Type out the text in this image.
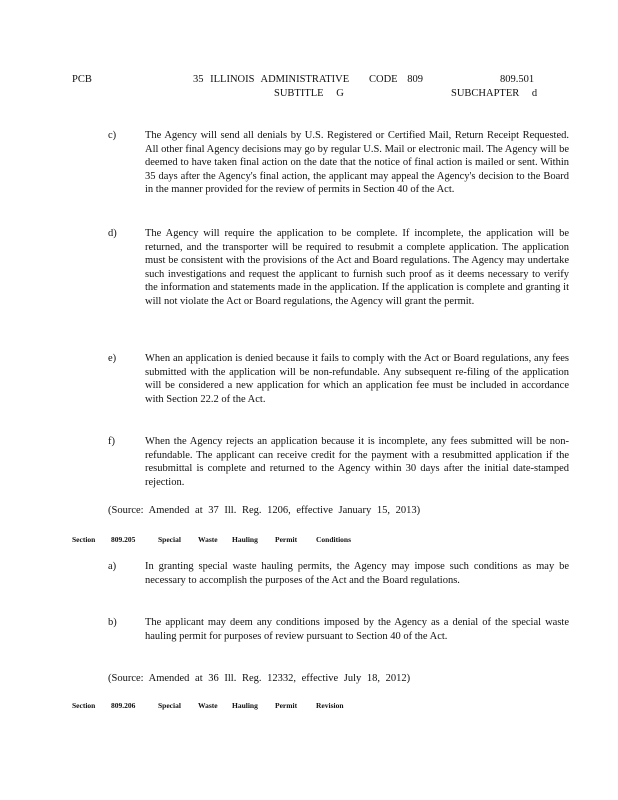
PCB	35 ILLINOIS ADMINISTRATIVE CODE 809	809.501
SUBTITLE G	SUBCHAPTER d
c)	The Agency will send all denials by U.S. Registered or Certified Mail, Return Receipt Requested. All other final Agency decisions may go by regular U.S. Mail or electronic mail. The Agency will be deemed to have taken final action on the date that the notice of final action is mailed or sent. Within 35 days after the Agency's final action, the applicant may appeal the Agency's decision to the Board in the manner provided for the review of permits in Section 40 of the Act.
d)	The Agency will require the application to be complete. If incomplete, the application will be returned, and the transporter will be required to resubmit a complete application. The application must be consistent with the provisions of the Act and Board regulations. The Agency may undertake such investigations and request the applicant to furnish such proof as it deems necessary to verify the information and statements made in the application. If the application is complete and granting it will not violate the Act or Board regulations, the Agency will grant the permit.
e)	When an application is denied because it fails to comply with the Act or Board regulations, any fees submitted with the application will be non-refundable. Any subsequent re-filing of the application will be considered a new application for which an application fee must be included in accordance with Section 22.2 of the Act.
f)	When the Agency rejects an application because it is incomplete, any fees submitted will be non-refundable. The applicant can receive credit for the payment with a resubmitted application if the resubmittal is complete and returned to the Agency within 30 days after the initial date-stamped rejection.
(Source: Amended at 37 Ill. Reg. 1206, effective January 15, 2013)
Section 809.205	Special Waste Hauling Permit	Conditions
a)	In granting special waste hauling permits, the Agency may impose such conditions as may be necessary to accomplish the purposes of the Act and the Board regulations.
b)	The applicant may deem any conditions imposed by the Agency as a denial of the special waste hauling permit for purposes of review pursuant to Section 40 of the Act.
(Source: Amended at 36 Ill. Reg. 12332, effective July 18, 2012)
Section 809.206	Special Waste Hauling Permit	Revision
